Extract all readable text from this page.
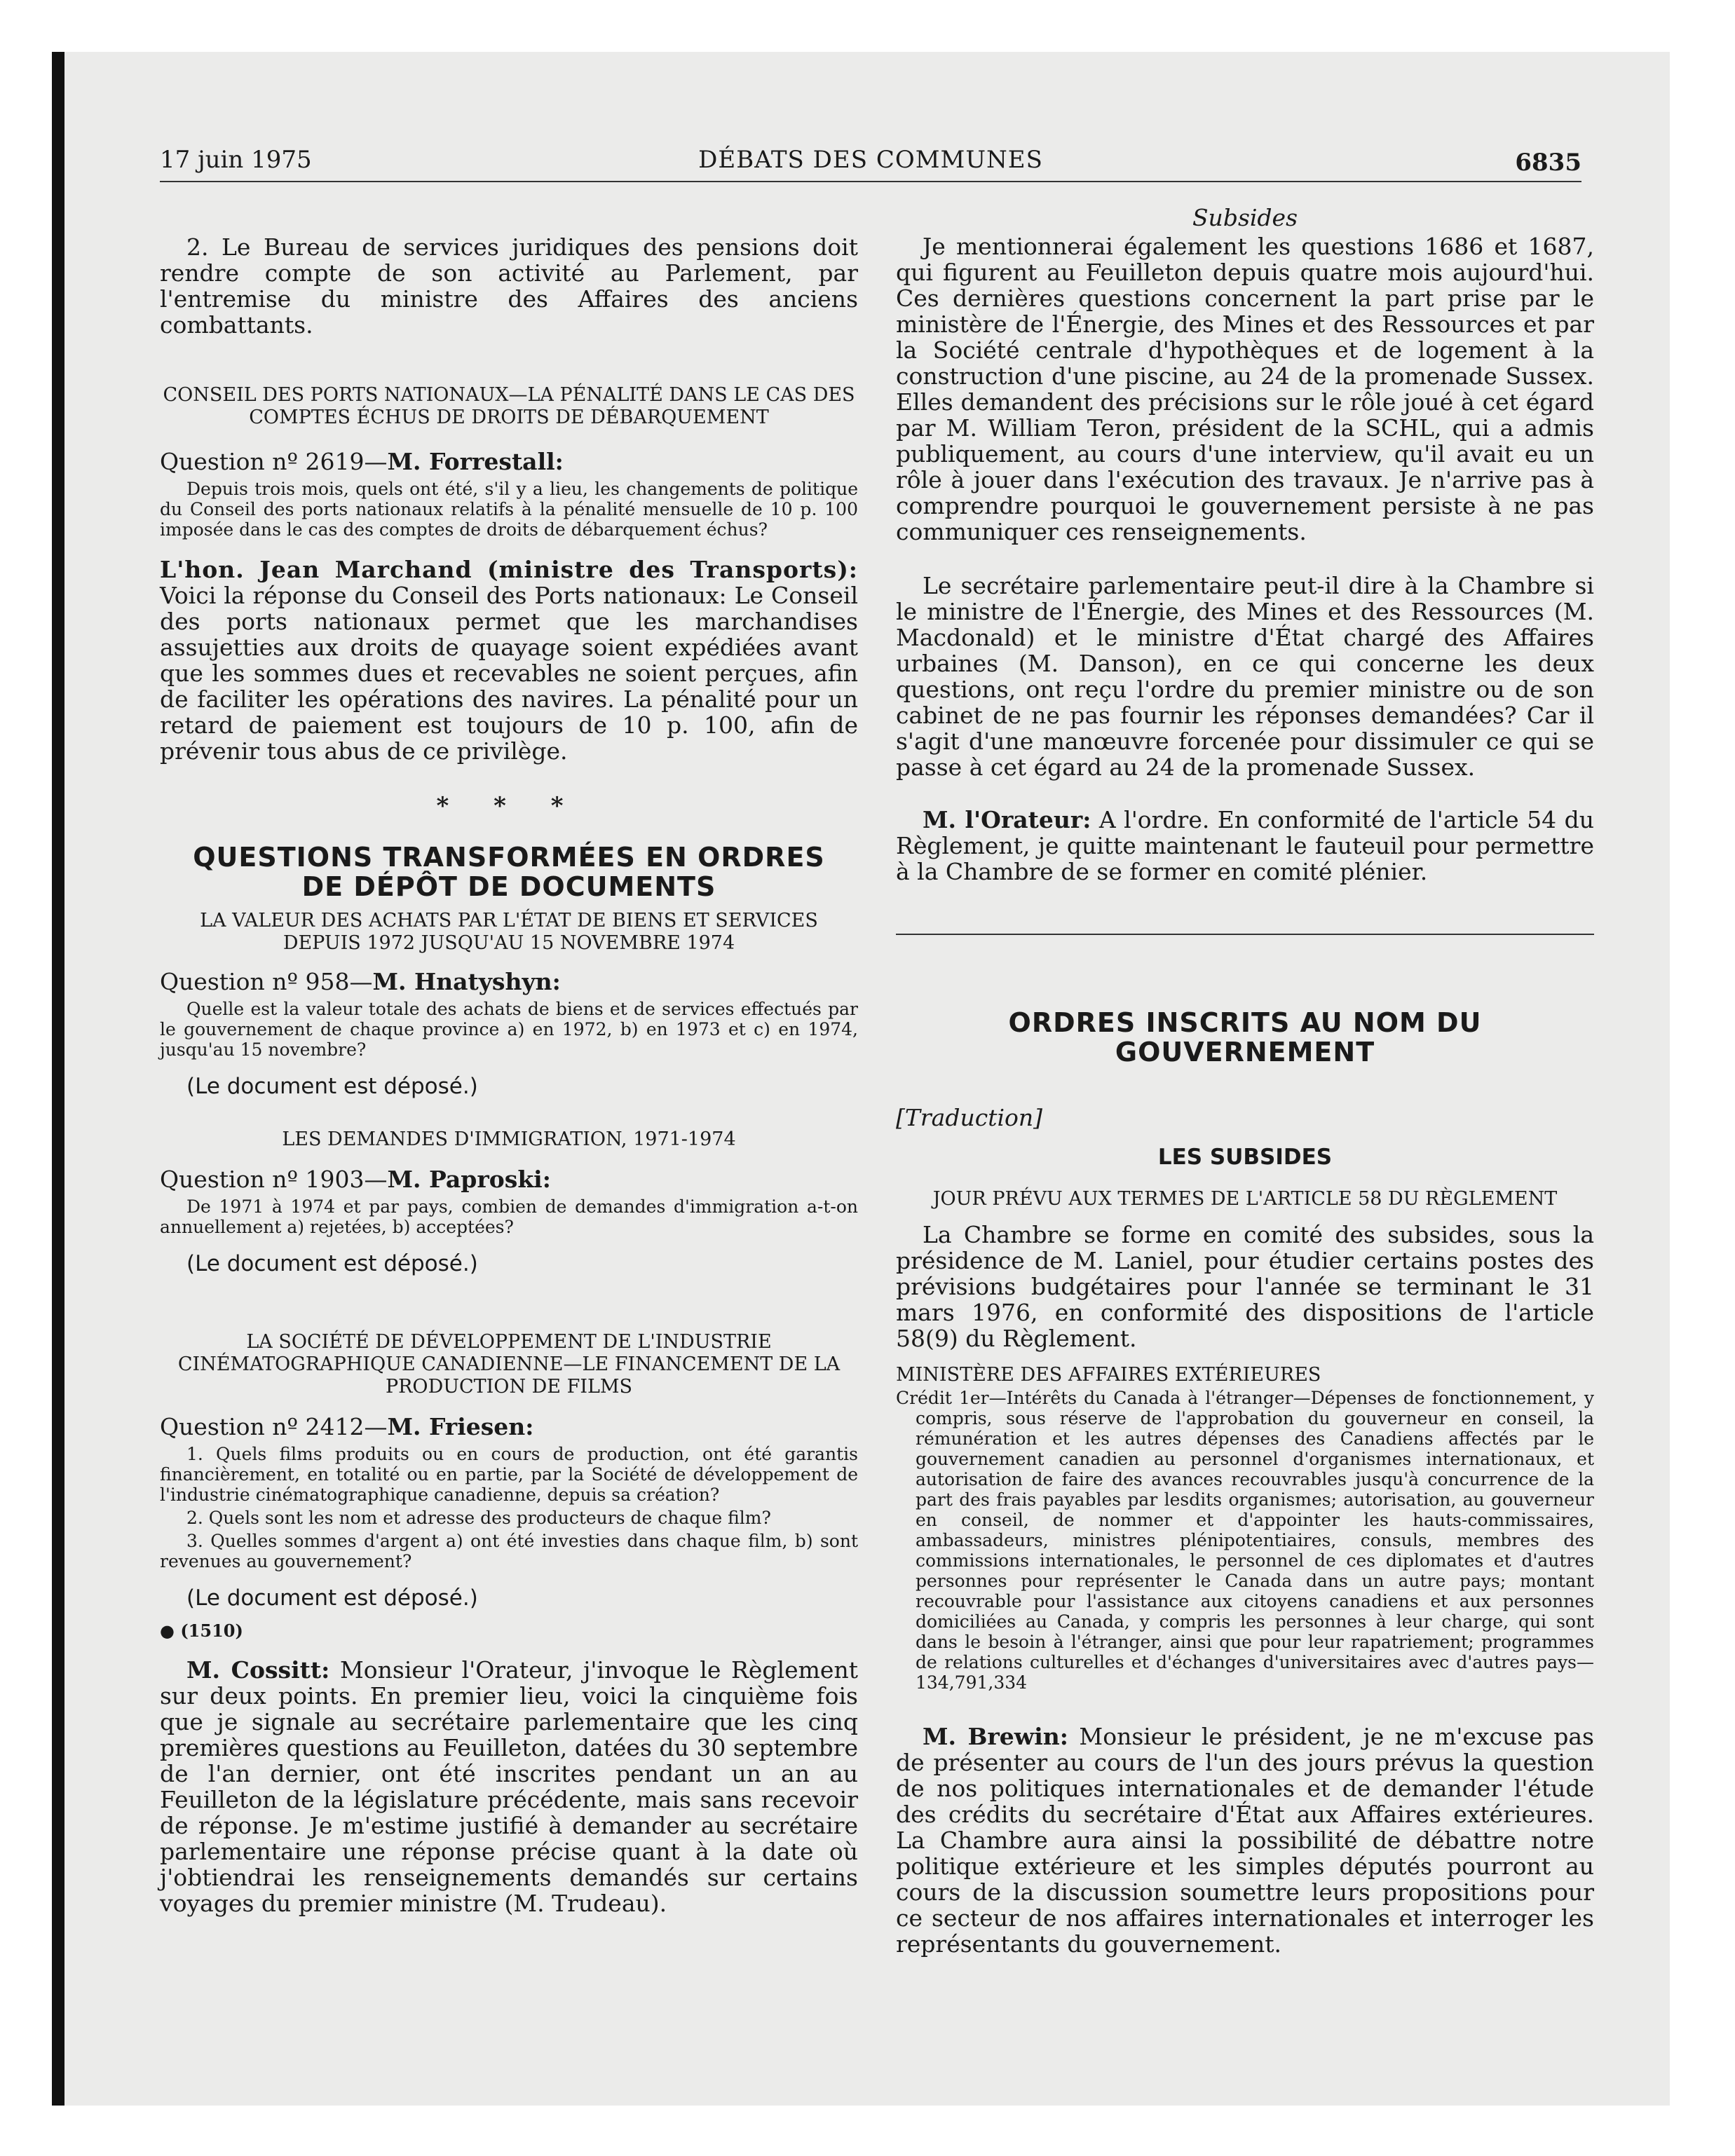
17 juin 1975	DÉBATS DES COMMUNES	6835

2. Le Bureau de services juridiques des pensions doit rendre compte de son activité au Parlement, par l'entremise du ministre des Affaires des anciens combattants.

CONSEIL DES PORTS NATIONAUX—LA PÉNALITÉ DANS LE CAS DES COMPTES ÉCHUS DE DROITS DE DÉBARQUEMENT

Question nº 2619—M. Forrestall:

Depuis trois mois, quels ont été, s'il y a lieu, les changements de politique du Conseil des ports nationaux relatifs à la pénalité mensuelle de 10 p. 100 imposée dans le cas des comptes de droits de débarquement échus?

L'hon. Jean Marchand (ministre des Transports): Voici la réponse du Conseil des Ports nationaux: Le Conseil des ports nationaux permet que les marchandises assujetties aux droits de quayage soient expédiées avant que les sommes dues et recevables ne soient perçues, afin de faciliter les opérations des navires. La pénalité pour un retard de paiement est toujours de 10 p. 100, afin de prévenir tous abus de ce privilège.

* * *

QUESTIONS TRANSFORMÉES EN ORDRES DE DÉPÔT DE DOCUMENTS

LA VALEUR DES ACHATS PAR L'ÉTAT DE BIENS ET SERVICES DEPUIS 1972 JUSQU'AU 15 NOVEMBRE 1974

Question nº 958—M. Hnatyshyn:

Quelle est la valeur totale des achats de biens et de services effectués par le gouvernement de chaque province a) en 1972, b) en 1973 et c) en 1974, jusqu'au 15 novembre?

(Le document est déposé.)

LES DEMANDES D'IMMIGRATION, 1971-1974

Question nº 1903—M. Paproski:

De 1971 à 1974 et par pays, combien de demandes d'immigration a-t-on annuellement a) rejetées, b) acceptées?

(Le document est déposé.)

LA SOCIÉTÉ DE DÉVELOPPEMENT DE L'INDUSTRIE CINÉMATOGRAPHIQUE CANADIENNE—LE FINANCEMENT DE LA PRODUCTION DE FILMS

Question nº 2412—M. Friesen:

1. Quels films produits ou en cours de production, ont été garantis financièrement, en totalité ou en partie, par la Société de développement de l'industrie cinématographique canadienne, depuis sa création?

2. Quels sont les nom et adresse des producteurs de chaque film?

3. Quelles sommes d'argent a) ont été investies dans chaque film, b) sont revenues au gouvernement?

(Le document est déposé.)

● (1510)

M. Cossitt: Monsieur l'Orateur, j'invoque le Règlement sur deux points. En premier lieu, voici la cinquième fois que je signale au secrétaire parlementaire que les cinq premières questions au Feuilleton, datées du 30 septembre de l'an dernier, ont été inscrites pendant un an au Feuilleton de la législature précédente, mais sans recevoir de réponse. Je m'estime justifié à demander au secrétaire parlementaire une réponse précise quant à la date où j'obtiendrai les renseignements demandés sur certains voyages du premier ministre (M. Trudeau).

Subsides

Je mentionnerai également les questions 1686 et 1687, qui figurent au Feuilleton depuis quatre mois aujourd'hui. Ces dernières questions concernent la part prise par le ministère de l'Énergie, des Mines et des Ressources et par la Société centrale d'hypothèques et de logement à la construction d'une piscine, au 24 de la promenade Sussex. Elles demandent des précisions sur le rôle joué à cet égard par M. William Teron, président de la SCHL, qui a admis publiquement, au cours d'une interview, qu'il avait eu un rôle à jouer dans l'exécution des travaux. Je n'arrive pas à comprendre pourquoi le gouvernement persiste à ne pas communiquer ces renseignements.

Le secrétaire parlementaire peut-il dire à la Chambre si le ministre de l'Énergie, des Mines et des Ressources (M. Macdonald) et le ministre d'État chargé des Affaires urbaines (M. Danson), en ce qui concerne les deux questions, ont reçu l'ordre du premier ministre ou de son cabinet de ne pas fournir les réponses demandées? Car il s'agit d'une manœuvre forcenée pour dissimuler ce qui se passe à cet égard au 24 de la promenade Sussex.

M. l'Orateur: A l'ordre. En conformité de l'article 54 du Règlement, je quitte maintenant le fauteuil pour permettre à la Chambre de se former en comité plénier.

ORDRES INSCRITS AU NOM DU GOUVERNEMENT

[Traduction]

LES SUBSIDES

JOUR PRÉVU AUX TERMES DE L'ARTICLE 58 DU RÈGLEMENT

La Chambre se forme en comité des subsides, sous la présidence de M. Laniel, pour étudier certains postes des prévisions budgétaires pour l'année se terminant le 31 mars 1976, en conformité des dispositions de l'article 58(9) du Règlement.

MINISTÈRE DES AFFAIRES EXTÉRIEURES

Crédit 1er—Intérêts du Canada à l'étranger—Dépenses de fonctionnement, y compris, sous réserve de l'approbation du gouverneur en conseil, la rémunération et les autres dépenses des Canadiens affectés par le gouvernement canadien au personnel d'organismes internationaux, et autorisation de faire des avances recouvrables jusqu'à concurrence de la part des frais payables par lesdits organismes; autorisation, au gouverneur en conseil, de nommer et d'appointer les hauts-commissaires, ambassadeurs, ministres plénipotentiaires, consuls, membres des commissions internationales, le personnel de ces diplomates et d'autres personnes pour représenter le Canada dans un autre pays; montant recouvrable pour l'assistance aux citoyens canadiens et aux personnes domiciliées au Canada, y compris les personnes à leur charge, qui sont dans le besoin à l'étranger, ainsi que pour leur rapatriement; programmes de relations culturelles et d'échanges d'universitaires avec d'autres pays—134,791,334

M. Brewin: Monsieur le président, je ne m'excuse pas de présenter au cours de l'un des jours prévus la question de nos politiques internationales et de demander l'étude des crédits du secrétaire d'État aux Affaires extérieures. La Chambre aura ainsi la possibilité de débattre notre politique extérieure et les simples députés pourront au cours de la discussion soumettre leurs propositions pour ce secteur de nos affaires internationales et interroger les représentants du gouvernement.
